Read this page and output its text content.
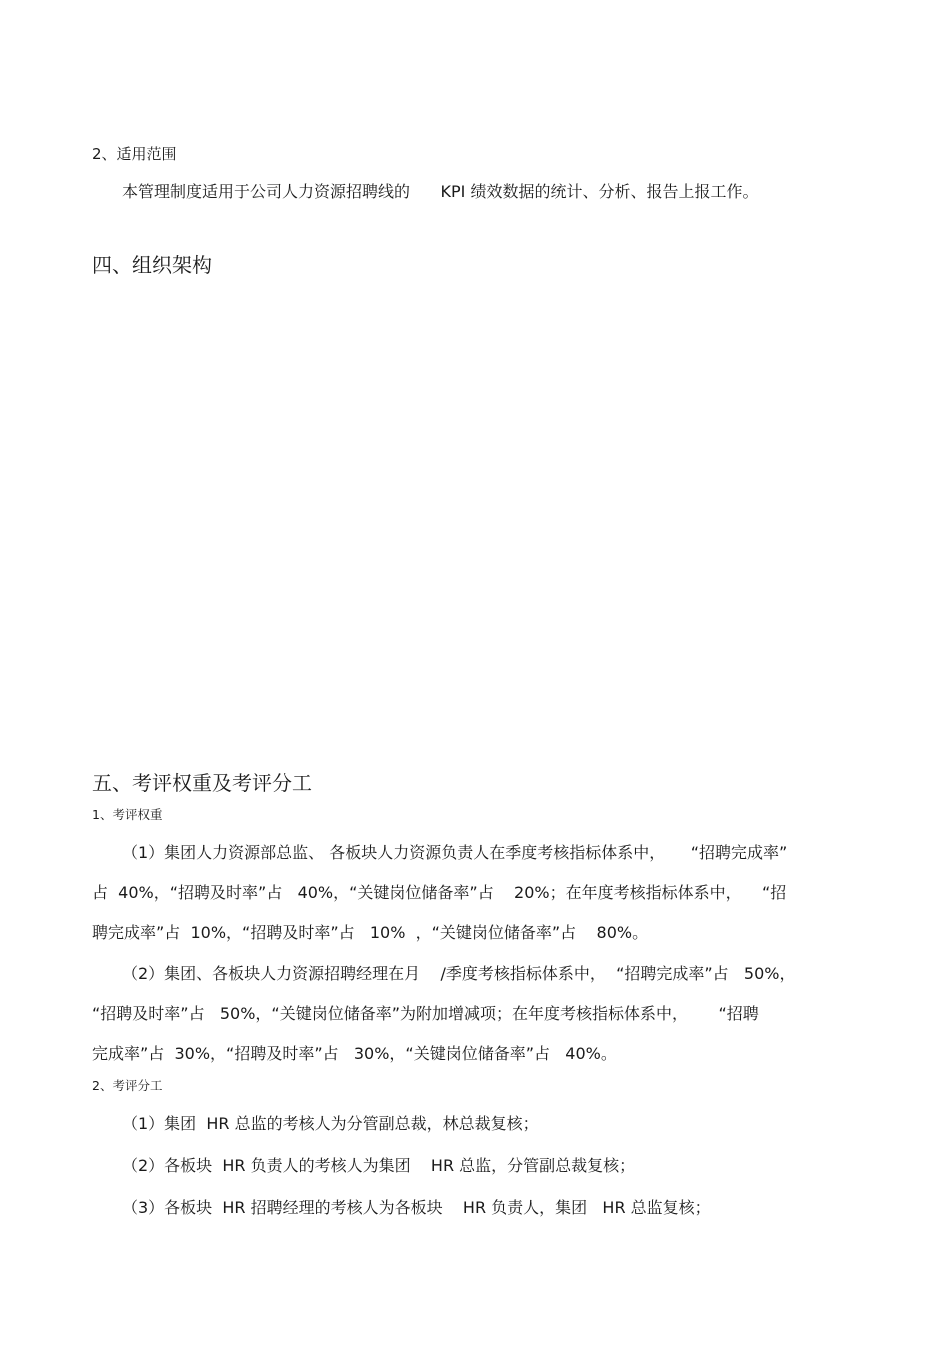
2、适用范围
本管理制度适用于公司人力资源招聘线的      KPI 绩效数据的统计、分析、报告上报工作。
四、组织架构
五、考评权重及考评分工
1、考评权重
（1）集团人力资源部总监、 各板块人力资源负责人在季度考核指标体系中，     “招聘完成率”
占  40%，“招聘及时率”占   40%，“关键岗位储备率”占    20%；在年度考核指标体系中，    “招
聘完成率”占  10%，“招聘及时率”占   10%  ，“关键岗位储备率”占    80%。
（2）集团、各板块人力资源招聘经理在月    /季度考核指标体系中，  “招聘完成率”占   50%，
“招聘及时率”占   50%，“关键岗位储备率”为附加增减项；在年度考核指标体系中，      “招聘
完成率”占  30%，“招聘及时率”占   30%，“关键岗位储备率”占   40%。
2、考评分工
（1）集团  HR 总监的考核人为分管副总裁，林总裁复核；
（2）各板块  HR 负责人的考核人为集团    HR 总监，分管副总裁复核；
（3）各板块  HR 招聘经理的考核人为各板块    HR 负责人，集团   HR 总监复核；
